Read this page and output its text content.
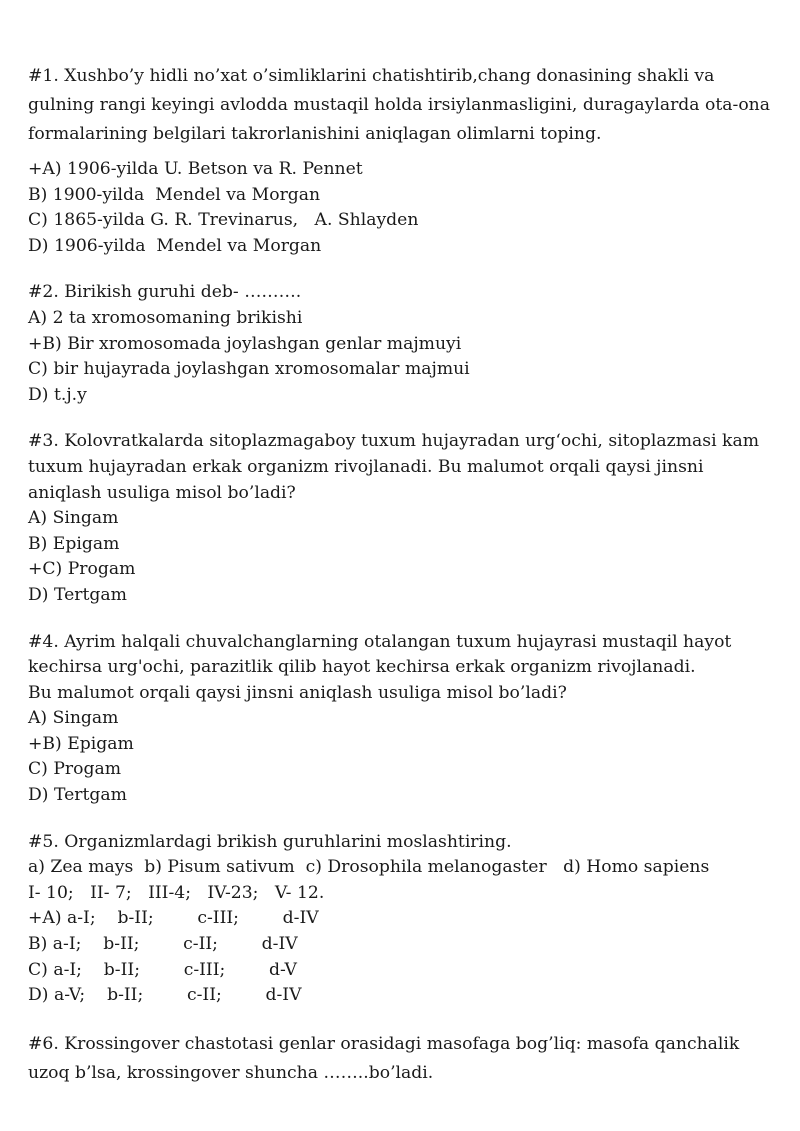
#1. Xushbo’y hidli no’xat o’simliklarini chatishtirib,chang donasining shakli va gulning rangi keyingi avlodda mustaqil holda irsiylanmasligini, duragaylarda ota-ona formalarining belgilari takrorlanishini aniqlagan olimlarni toping.

+A) 1906-yilda U. Betson va R. Pennet
B) 1900-yilda  Mendel va Morgan
C) 1865-yilda G. R. Trevinarus,   A. Shlayden
D) 1906-yilda  Mendel va Morgan

#2. Birikish guruhi deb- ……….

A) 2 ta xromosomaning brikishi
+B) Bir xromosomada joylashgan genlar majmuyi
C) bir hujayrada joylashgan xromosomalar majmui
D) t.j.y

#3. Kolovratkalarda sitoplazmagaboy tuxum hujayradan urg‘ochi, sitoplazmasi kam tuxum hujayradan erkak organizm rivojlanadi. Bu malumot orqali qaysi jinsni aniqlash usuliga misol bo’ladi?

A) Singam
B) Epigam
+C) Progam
D) Tertgam
#4. Ayrim halqali chuvalchanglarning otalangan tuxum hujayrasi mustaqil hayot
kechirsa urg'ochi, parazitlik qilib hayot kechirsa erkak organizm rivojlanadi.
Bu malumot orqali qaysi jinsni aniqlash usuliga misol bo’ladi?
A) Singam
+B) Epigam
C) Progam
D) Tertgam
#5. Organizmlardagi brikish guruhlarini moslashtiring.
a) Zea mays  b) Pisum sativum  c) Drosophila melanogaster   d) Homo sapiens
I- 10;   II- 7;   III-4;   IV-23;   V- 12.
+A) a-I;    b-II;        c-III;        d-IV
B) a-I;    b-II;        c-II;        d-IV
C) a-I;    b-II;        c-III;        d-V
D) a-V;    b-II;        c-II;        d-IV

#6. Krossingover chastotasi genlar orasidagi masofaga bog’liq: masofa qanchalik uzoq b’lsa, krossingover shuncha ……..bo’ladi.
